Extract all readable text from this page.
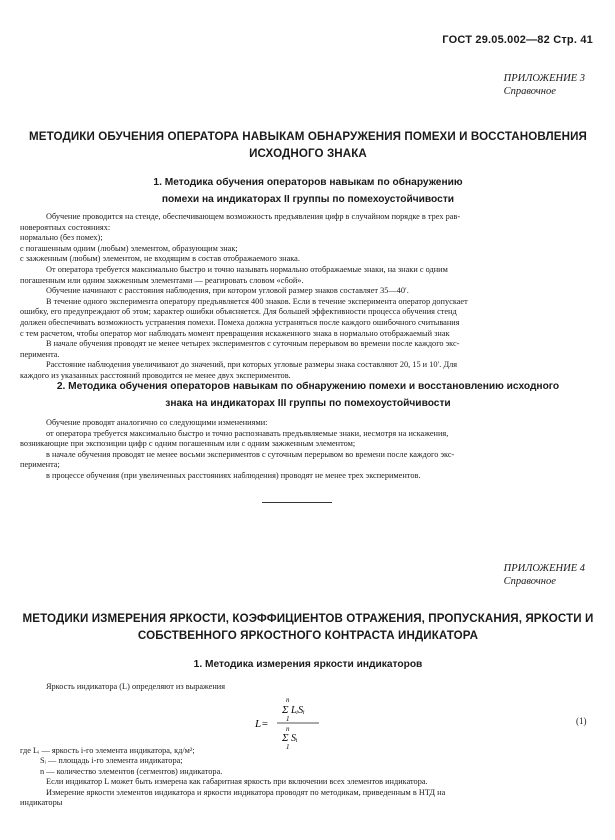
ГОСТ 29.05.002—82 Стр. 41
ПРИЛОЖЕНИЕ 3
Справочное
МЕТОДИКИ ОБУЧЕНИЯ ОПЕРАТОРА НАВЫКАМ ОБНАРУЖЕНИЯ ПОМЕХИ И ВОССТАНОВЛЕНИЯ
ИСХОДНОГО ЗНАКА
1. Методика обучения операторов навыкам по обнаружению
помехи на индикаторах II группы по помехоустойчивости

Обучение проводится на стенде, обеспечивающем возможность предъявления цифр в случайном порядке в трех рав-

новероятных состояниях:

нормально (без помех);

с погашенным одним (любым) элементом, образующим знак;

с зажженным (любым) элементом, не входящим в состав отображаемого знака.

От оператора требуется максимально быстро и точно называть нормально отображаемые знаки, на знаки с одним

погашенным или одним зажженным элементами — реагировать словом «сбой».

Обучение начинают с расстояния наблюдения, при котором угловой размер знаков составляет 35—40′.

В течение одного эксперимента оператору предъявляется 400 знаков. Если в течение эксперимента оператор допускает

ошибку, его предупреждают об этом; характер ошибки объясняется. Для большей эффективности процесса обучения стенд

должен обеспечивать возможность устранения помехи. Помеха должна устраняться после каждого ошибочного считывания

с тем расчетом, чтобы оператор мог наблюдать момент превращения искаженного знака в нормально отображаемый знак

В начале обучения проводят не менее четырех экспериментов с суточным перерывом во времени после каждого экс-

перимента.

Расстояние наблюдения увеличивают до значений, при которых угловые размеры знака составляют 20, 15 и 10′. Для

каждого из указанных расстояний проводится не менее двух экспериментов.

2. Методика обучения операторов навыкам по обнаружению помехи и восстановлению исходного
знака на индикаторах III группы по помехоустойчивости

Обучение проводят аналогично со следующими изменениями:

от оператора требуется максимально быстро и точно распознавать предъявляемые знаки, несмотря на искажения,

возникающие при экспозиции цифр с одним погашенным или с одним зажженным элементом;

в начале обучения проводят не менее восьми экспериментов с суточным перерывом во времени после каждого экс-

перимента;

в процессе обучения (при увеличенных расстояниях наблюдения) проводят не менее трех экспериментов.

ПРИЛОЖЕНИЕ 4
Справочное
МЕТОДИКИ ИЗМЕРЕНИЯ ЯРКОСТИ, КОЭФФИЦИЕНТОВ ОТРАЖЕНИЯ, ПРОПУСКАНИЯ, ЯРКОСТИ И
СОБСТВЕННОГО ЯРКОСТНОГО КОНТРАСТА ИНДИКАТОРА
1. Методика измерения яркости индикаторов

Яркость индикатора (L) определяют из выражения

n
Σ LᵢSᵢ
1
L= n
Σ Sᵢ
1
(1)

где Lᵢ — яркость i-го элемента индикатора, кд/м²;

Sᵢ — площадь i-го элемента индикатора;

n — количество элементов (сегментов) индикатора.

Если индикатор L может быть измерена как габаритная яркость при включении всех элементов индикатора.

Измерение яркости элементов индикатора и яркости индикатора проводят по методикам, приведенным в НТД на

индикаторы
